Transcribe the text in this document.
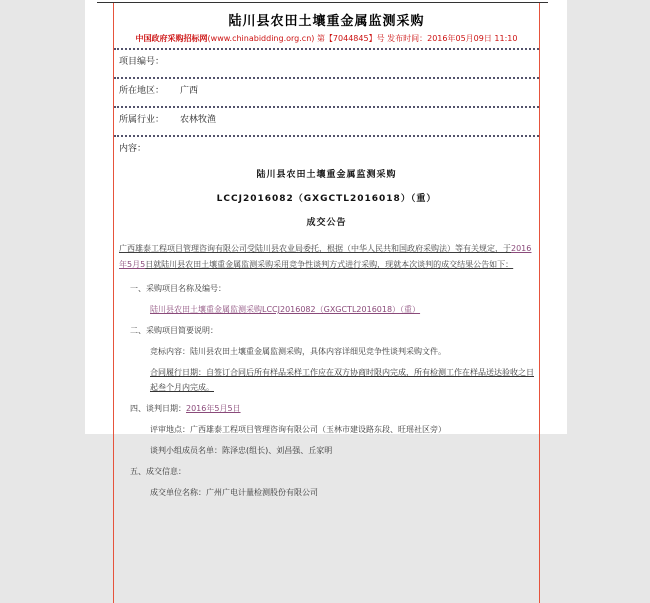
陆川县农田土壤重金属监测采购
中国政府采购招标网(www.chinabidding.org.cn) 第【7044845】号 发布时间：2016年05月09日 11:10
项目编号：
所在地区： 广西
所属行业： 农林牧渔
内容：
陆川县农田土壤重金属监测采购
LCCJ2016082（GXGCTL2016018）（重）
成交公告

广西雄泰工程项目管理咨询有限公司受陆川县农业局委托，根据（中华人民共和国政府采购法）等有关规定，于2016年5月5日就陆川县农田土壤重金属监测采购采用竞争性谈判方式进行采购，现就本次谈判的成交结果公告如下：

一、采购项目名称及编号：

陆川县农田土壤重金属监测采购LCCJ2016082（GXGCTL2016018）（重）

二、采购项目简要说明：

竞标内容：陆川县农田土壤重金属监测采购，具体内容详细见竞争性谈判采购文件。

合同履行日期：自签订合同后所有样品采样工作应在双方协商时限内完成，所有检测工作在样品送达验收之日起叁个月内完成。

四、谈判日期：2016年5月5日

评审地点：广西雄泰工程项目管理咨询有限公司（玉林市建设路东段、旺瑶社区旁）

谈判小组成员名单：陈泽忠(组长)、刘昌强、丘家明

五、成交信息：

成交单位名称：广州广电计量检测股份有限公司
